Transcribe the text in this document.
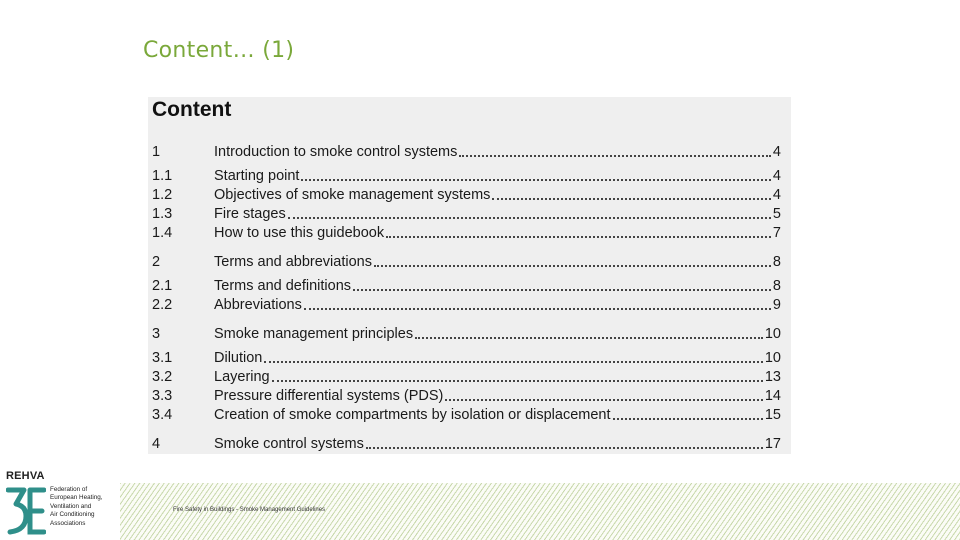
Content… (1)
Content
1	Introduction to smoke control systems	4
1.1	Starting point	4
1.2	Objectives of smoke management systems	4
1.3	Fire stages	5
1.4	How to use this guidebook	7
2	Terms and abbreviations	8
2.1	Terms and definitions	8
2.2	Abbreviations	9
3	Smoke management principles	10
3.1	Dilution	10
3.2	Layering	13
3.3	Pressure differential systems (PDS)	14
3.4	Creation of smoke compartments by isolation or displacement	15
4	Smoke control systems	17
Fire Safety in Buildings - Smoke Management Guidelines
REHVA
Federation of
European Heating,
Ventilation and
Air Conditioning
Associations
